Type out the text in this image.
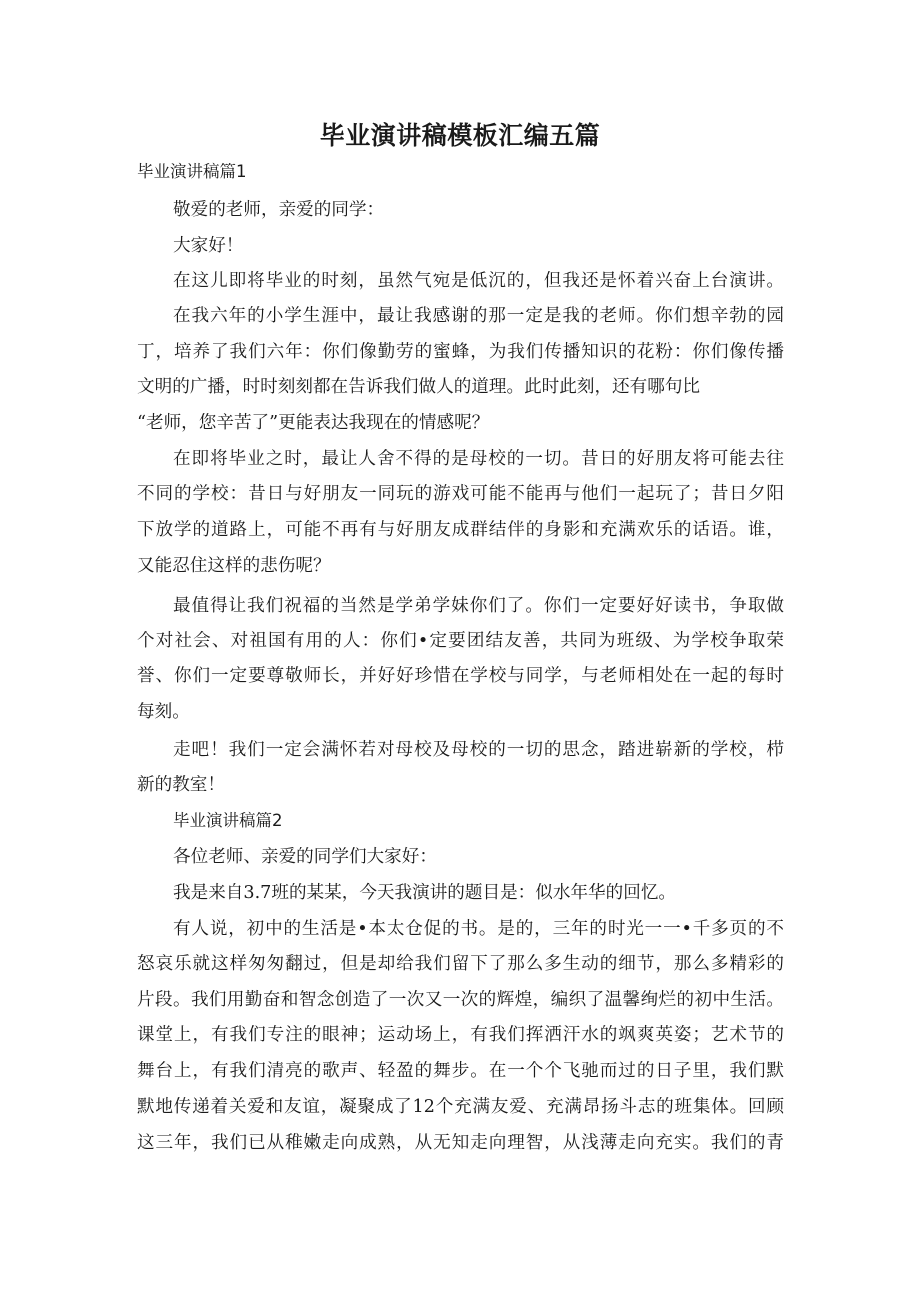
毕业演讲稿模板汇编五篇
毕业演讲稿篇1
敬爱的老师，亲爱的同学：
大家好！
在这儿即将毕业的时刻，虽然气宛是低沉的，但我还是怀着兴奋上台演讲。
在我六年的小学生涯中，最让我感谢的那一定是我的老师。你们想辛勃的园
丁，培养了我们六年：你们像勤劳的蜜蜂，为我们传播知识的花粉：你们像传播
文明的广播，时时刻刻都在告诉我们做人的道理。此时此刻，还有哪句比
“老师，您辛苦了”更能表达我现在的情感呢？
在即将毕业之时，最让人舍不得的是母校的一切。昔日的好朋友将可能去往
不同的学校：昔日与好朋友一同玩的游戏可能不能再与他们一起玩了；昔日夕阳
下放学的道路上，可能不再有与好朋友成群结伴的身影和充满欢乐的话语。谁，
又能忍住这样的悲伤呢？
最值得让我们祝福的当然是学弟学妹你们了。你们一定要好好读书，争取做
个对社会、对祖国有用的人：你们•定要团结友善，共同为班级、为学校争取荣
誉、你们一定要尊敬师长，并好好珍惜在学校与同学，与老师相处在一起的每时
每刻。
走吧！我们一定会满怀若对母校及母校的一切的思念，踏进崭新的学校，栉
新的教室！
毕业演讲稿篇2
各位老师、亲爱的同学们大家好：
我是来自3.7班的某某，今天我演讲的题目是：似水年华的回忆。
有人说，初中的生活是•本太仓促的书。是的，三年的时光一一•千多页的不
怒哀乐就这样匆匆翻过，但是却给我们留下了那么多生动的细节，那么多精彩的
片段。我们用勤奋和智念创造了一次又一次的辉煌，编织了温馨绚烂的初中生活。
课堂上，有我们专注的眼神；运动场上，有我们挥洒汗水的飒爽英姿；艺术节的
舞台上，有我们清亮的歌声、轻盈的舞步。在一个个飞驰而过的日子里，我们默
默地传递着关爱和友谊，凝聚成了12个充满友爱、充满昂扬斗志的班集体。回顾
这三年，我们已从稚嫩走向成熟，从无知走向理智，从浅薄走向充实。我们的青
